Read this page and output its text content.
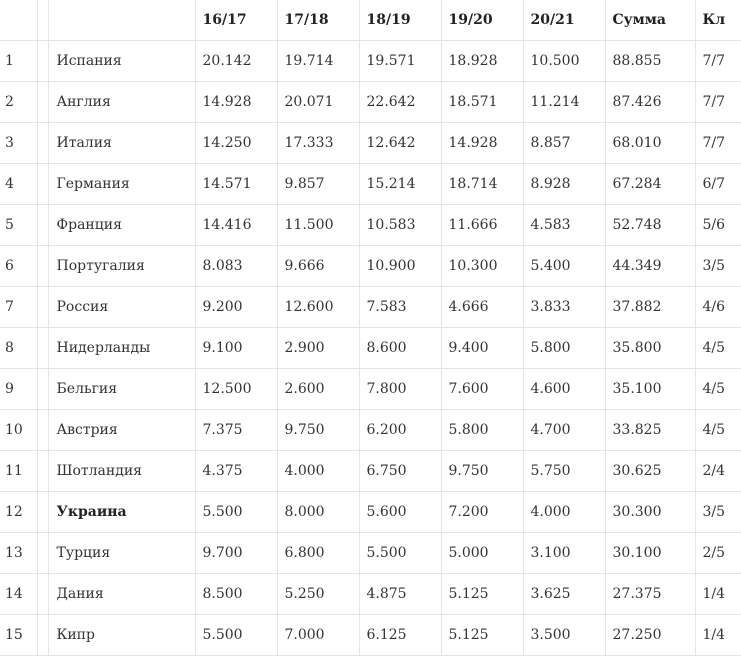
			16/17	17/18	18/19	19/20	20/21	Сумма	Кл
1		Испания	20.142	19.714	19.571	18.928	10.500	88.855	7/7
2		Англия	14.928	20.071	22.642	18.571	11.214	87.426	7/7
3		Италия	14.250	17.333	12.642	14.928	8.857	68.010	7/7
4		Германия	14.571	9.857	15.214	18.714	8.928	67.284	6/7
5		Франция	14.416	11.500	10.583	11.666	4.583	52.748	5/6
6		Португалия	8.083	9.666	10.900	10.300	5.400	44.349	3/5
7		Россия	9.200	12.600	7.583	4.666	3.833	37.882	4/6
8		Нидерланды	9.100	2.900	8.600	9.400	5.800	35.800	4/5
9		Бельгия	12.500	2.600	7.800	7.600	4.600	35.100	4/5
10		Австрия	7.375	9.750	6.200	5.800	4.700	33.825	4/5
11		Шотландия	4.375	4.000	6.750	9.750	5.750	30.625	2/4
12		Украина	5.500	8.000	5.600	7.200	4.000	30.300	3/5
13		Турция	9.700	6.800	5.500	5.000	3.100	30.100	2/5
14		Дания	8.500	5.250	4.875	5.125	3.625	27.375	1/4
15		Кипр	5.500	7.000	6.125	5.125	3.500	27.250	1/4
